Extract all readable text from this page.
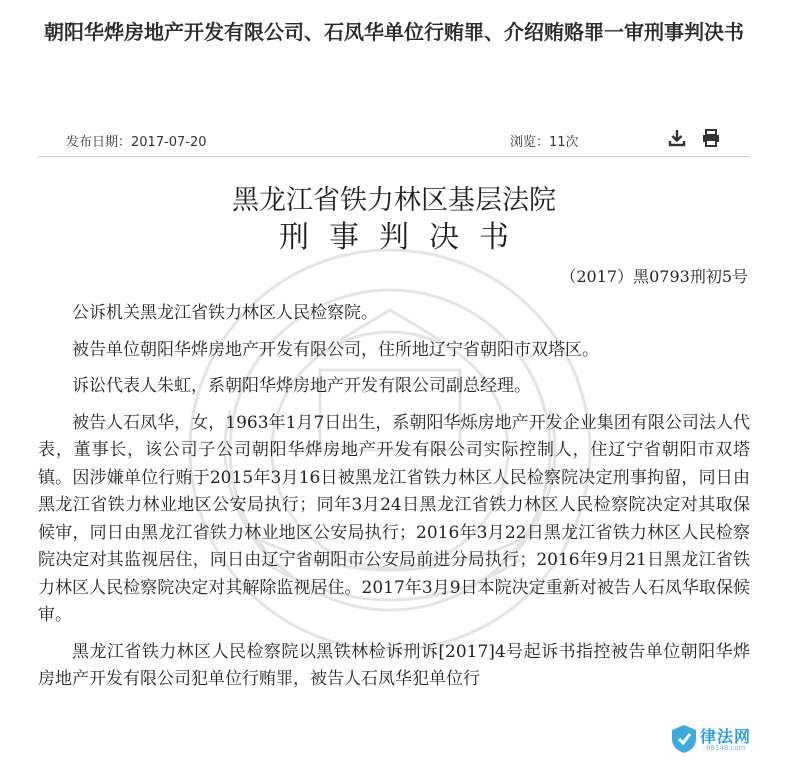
朝阳华烨房地产开发有限公司、石凤华单位行贿罪、介绍贿赂罪一审刑事判决书
发布日期：2017-07-20	浏览：11次
黑龙江省铁力林区基层法院
刑事判决书
（2017）黑0793刑初5号

公诉机关黑龙江省铁力林区人民检察院。

被告单位朝阳华烨房地产开发有限公司，住所地辽宁省朝阳市双塔区。

诉讼代表人朱虹，系朝阳华烨房地产开发有限公司副总经理。

被告人石凤华，女，1963年1月7日出生，系朝阳华烁房地产开发企业集团有限公司法人代表，董事长，该公司子公司朝阳华烨房地产开发有限公司实际控制人，住辽宁省朝阳市双塔镇。因涉嫌单位行贿于2015年3月16日被黑龙江省铁力林区人民检察院决定刑事拘留，同日由黑龙江省铁力林业地区公安局执行；同年3月24日黑龙江省铁力林区人民检察院决定对其取保候审，同日由黑龙江省铁力林业地区公安局执行；2016年3月22日黑龙江省铁力林区人民检察院决定对其监视居住，同日由辽宁省朝阳市公安局前进分局执行；2016年9月21日黑龙江省铁力林区人民检察院决定对其解除监视居住。2017年3月9日本院决定重新对被告人石凤华取保候审。

黑龙江省铁力林区人民检察院以黑铁林检诉刑诉[2017]4号起诉书指控被告单位朝阳华烨房地产开发有限公司犯单位行贿罪，被告人石凤华犯单位行

律法网
88148.com
